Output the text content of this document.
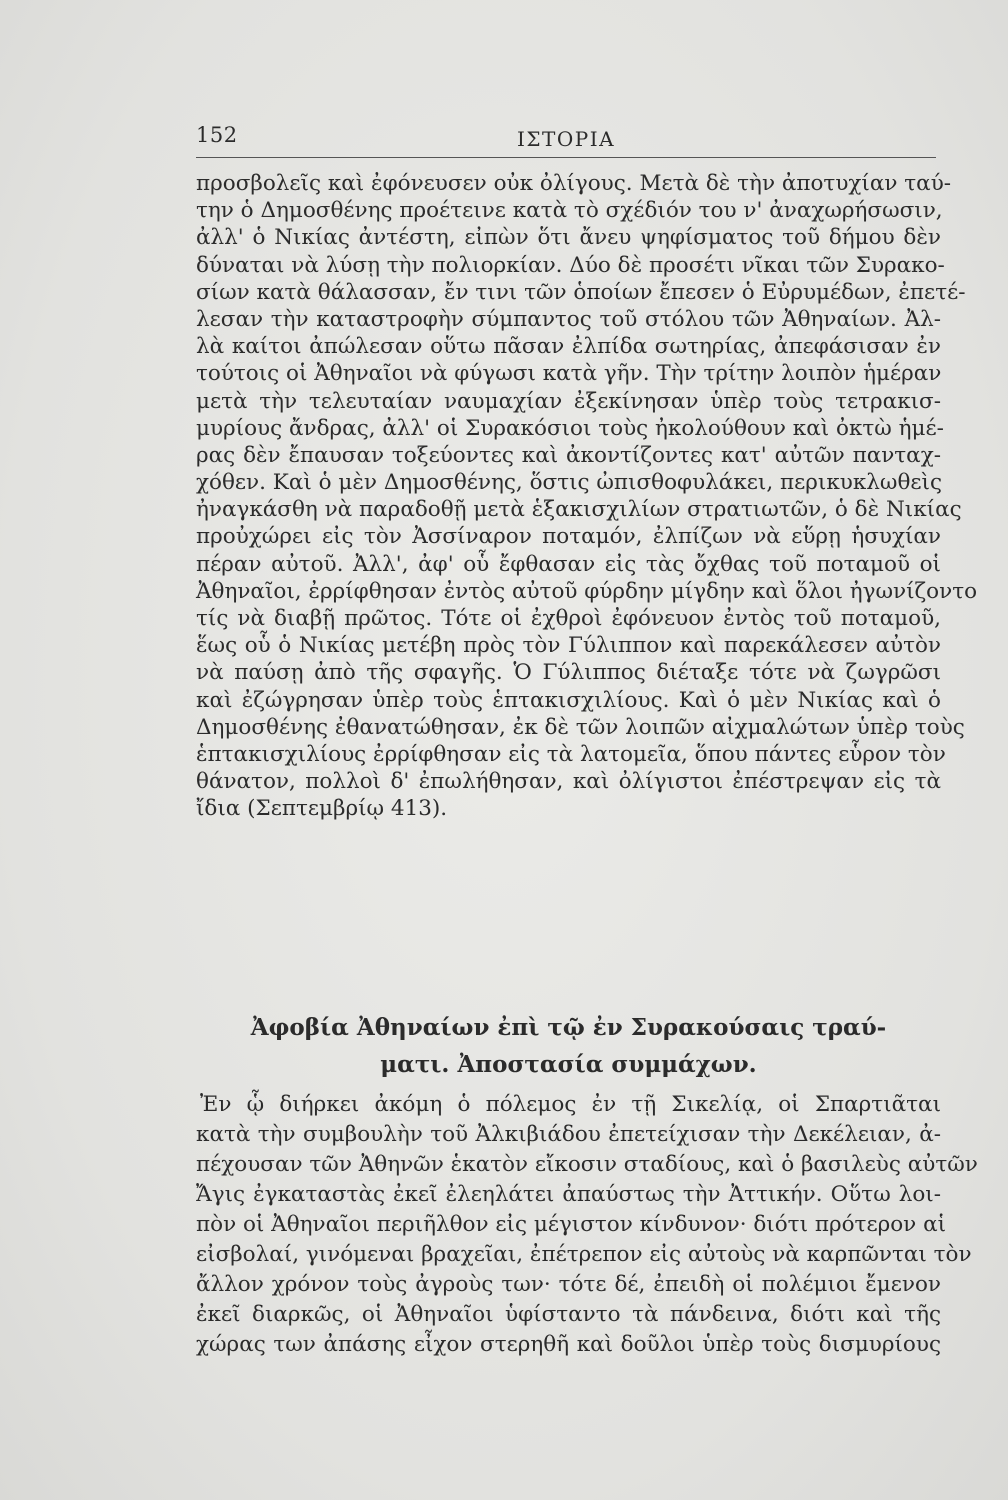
152	ΙΣΤΟΡΙΑ
προσβολεῖς καὶ ἐφόνευσεν οὐκ ὀλίγους. Μετὰ δὲ τὴν ἀποτυχίαν ταύ-
την ὁ Δημοσθένης προέτεινε κατὰ τὸ σχέδιόν του ν' ἀναχωρήσωσιν,
ἀλλ' ὁ Νικίας ἀντέστη, εἰπὼν ὅτι ἄνευ ψηφίσματος τοῦ δήμου δὲν
δύναται νὰ λύσῃ τὴν πολιορκίαν. Δύο δὲ προσέτι νῖκαι τῶν Συρακο-
σίων κατὰ θάλασσαν, ἔν τινι τῶν ὁποίων ἔπεσεν ὁ Εὐρυμέδων, ἐπετέ-
λεσαν τὴν καταστροφὴν σύμπαντος τοῦ στόλου τῶν Ἀθηναίων. Ἀλ-
λὰ καίτοι ἀπώλεσαν οὕτω πᾶσαν ἐλπίδα σωτηρίας, ἀπεφάσισαν ἐν
τούτοις οἱ Ἀθηναῖοι νὰ φύγωσι κατὰ γῆν. Τὴν τρίτην λοιπὸν ἡμέραν
μετὰ τὴν τελευταίαν ναυμαχίαν ἐξεκίνησαν ὑπὲρ τοὺς τετρακισ-
μυρίους ἄνδρας, ἀλλ' οἱ Συρακόσιοι τοὺς ἠκολούθουν καὶ ὀκτὼ ἡμέ-
ρας δὲν ἔπαυσαν τοξεύοντες καὶ ἀκοντίζοντες κατ' αὐτῶν πανταχ-
χόθεν. Καὶ ὁ μὲν Δημοσθένης, ὅστις ὠπισθοφυλάκει, περικυκλωθεὶς
ἠναγκάσθη νὰ παραδοθῇ μετὰ ἑξακισχιλίων στρατιωτῶν, ὁ δὲ Νικίας
προὐχώρει εἰς τὸν Ἀσσίναρον ποταμόν, ἐλπίζων νὰ εὕρῃ ἡσυχίαν
πέραν αὐτοῦ. Ἀλλ', ἀφ' οὗ ἔφθασαν εἰς τὰς ὄχθας τοῦ ποταμοῦ οἱ
Ἀθηναῖοι, ἐρρίφθησαν ἐντὸς αὐτοῦ φύρδην μίγδην καὶ ὅλοι ἠγωνίζοντο
τίς νὰ διαβῇ πρῶτος. Τότε οἱ ἐχθροὶ ἐφόνευον ἐντὸς τοῦ ποταμοῦ,
ἕως οὗ ὁ Νικίας μετέβη πρὸς τὸν Γύλιππον καὶ παρεκάλεσεν αὐτὸν
νὰ παύσῃ ἀπὸ τῆς σφαγῆς. Ὁ Γύλιππος διέταξε τότε νὰ ζωγρῶσι
καὶ ἐζώγρησαν ὑπὲρ τοὺς ἑπτακισχιλίους. Καὶ ὁ μὲν Νικίας καὶ ὁ
Δημοσθένης ἐθανατώθησαν, ἐκ δὲ τῶν λοιπῶν αἰχμαλώτων ὑπὲρ τοὺς
ἑπτακισχιλίους ἐρρίφθησαν εἰς τὰ λατομεῖα, ὅπου πάντες εὗρον τὸν
θάνατον, πολλοὶ δ' ἐπωλήθησαν, καὶ ὀλίγιστοι ἐπέστρεψαν εἰς τὰ
ἴδια (Σεπτεμβρίῳ 413).
Ἀφοβία Ἀθηναίων ἐπὶ τῷ ἐν Συρακούσαις τραύ-
ματι. Ἀποστασία συμμάχων.
Ἐν ᾧ διήρκει ἀκόμη ὁ πόλεμος ἐν τῇ Σικελίᾳ, οἱ Σπαρτιᾶται
κατὰ τὴν συμβουλὴν τοῦ Ἀλκιβιάδου ἐπετείχισαν τὴν Δεκέλειαν, ἀ-
πέχουσαν τῶν Ἀθηνῶν ἑκατὸν εἴκοσιν σταδίους, καὶ ὁ βασιλεὺς αὐτῶν
Ἄγις ἐγκαταστὰς ἐκεῖ ἐλεηλάτει ἀπαύστως τὴν Ἀττικήν. Οὕτω λοι-
πὸν οἱ Ἀθηναῖοι περιῆλθον εἰς μέγιστον κίνδυνον· διότι πρότερον αἱ
εἰσβολαί, γινόμεναι βραχεῖαι, ἐπέτρεπον εἰς αὐτοὺς νὰ καρπῶνται τὸν
ἄλλον χρόνον τοὺς ἀγροὺς των· τότε δέ, ἐπειδὴ οἱ πολέμιοι ἔμενον
ἐκεῖ διαρκῶς, οἱ Ἀθηναῖοι ὑφίσταντο τὰ πάνδεινα, διότι καὶ τῆς
χώρας των ἀπάσης εἶχον στερηθῆ καὶ δοῦλοι ὑπὲρ τοὺς δισμυρίους
